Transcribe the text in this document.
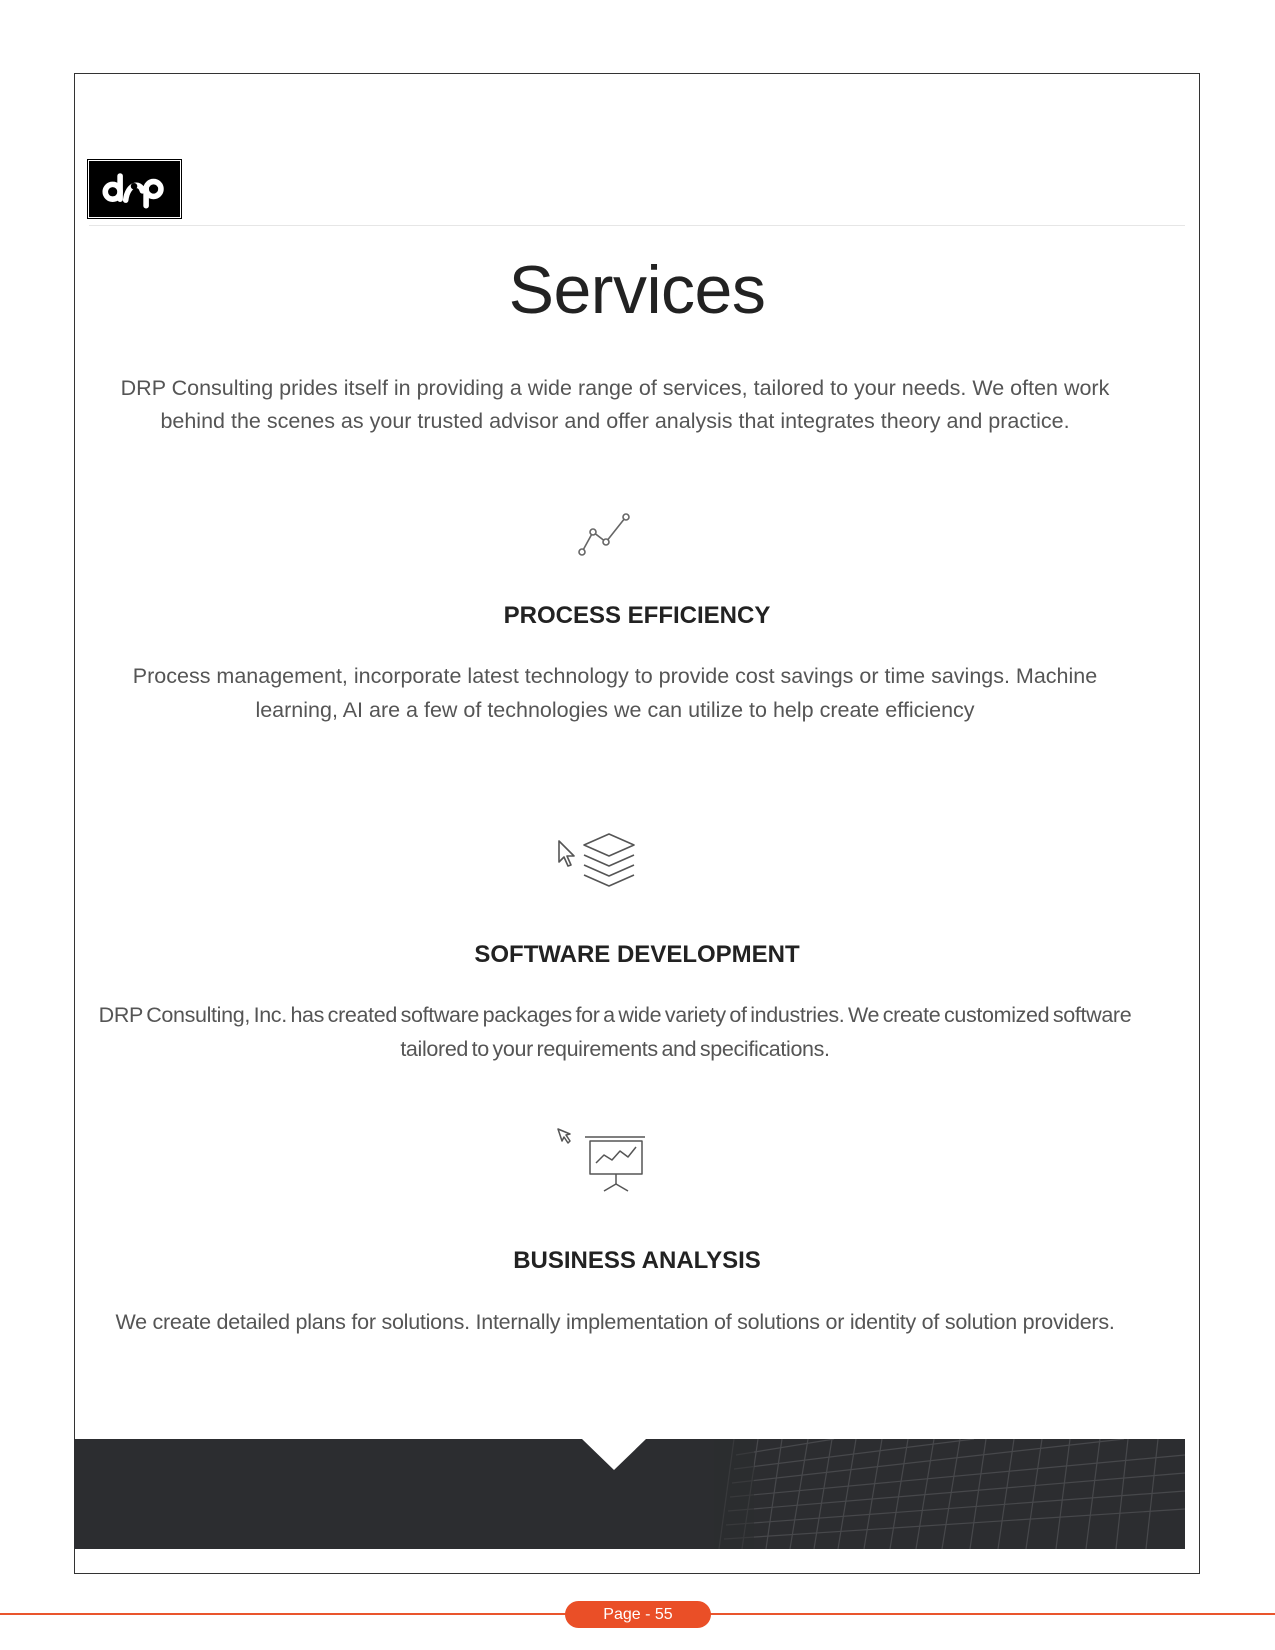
Services

DRP Consulting prides itself in providing a wide range of services, tailored to your needs. We often work behind the scenes as your trusted advisor and offer analysis that integrates theory and practice.

PROCESS EFFICIENCY

Process management, incorporate latest technology to provide cost savings or time savings. Machine learning, AI are a few of technologies we can utilize to help create efficiency

SOFTWARE DEVELOPMENT

DRP Consulting, Inc. has created software packages for a wide variety of industries. We create customized software tailored to your requirements and specifications.

BUSINESS ANALYSIS

We create detailed plans for solutions. Internally implementation of solutions or identity of solution providers.

Page - 55
